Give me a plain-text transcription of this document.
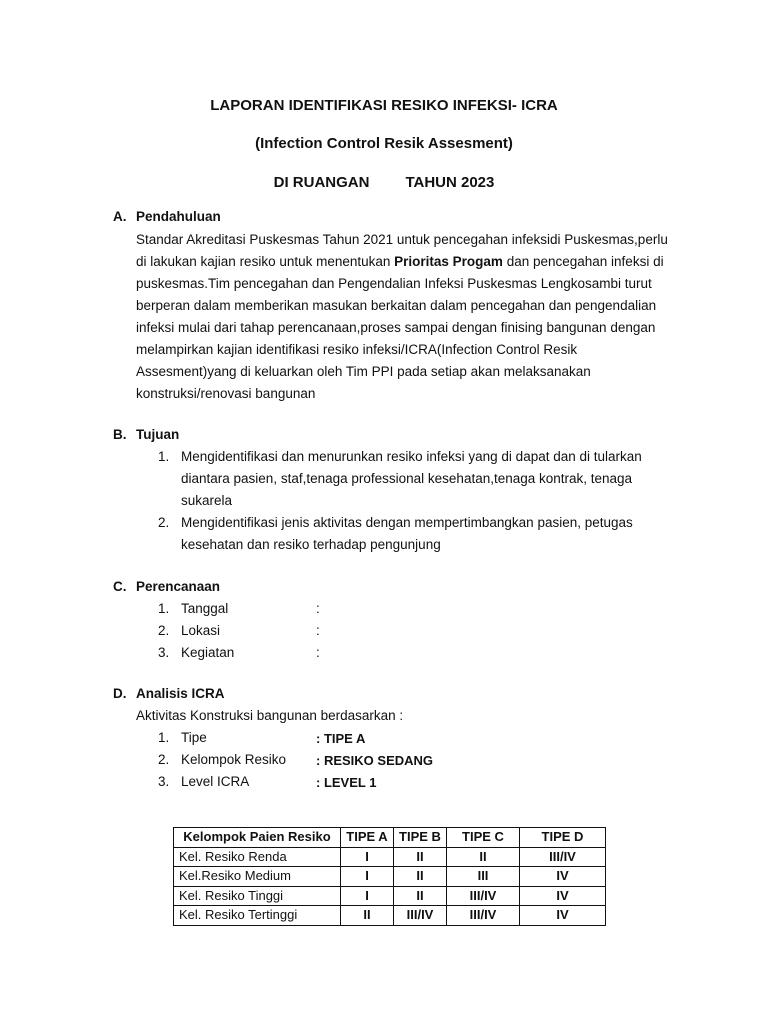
LAPORAN IDENTIFIKASI RESIKO INFEKSI- ICRA
(Infection Control Resik Assesment)
DI RUANGAN TAHUN 2023
A. Pendahuluan
Standar Akreditasi Puskesmas Tahun 2021 untuk pencegahan infeksidi Puskesmas,perlu di lakukan kajian resiko untuk menentukan Prioritas Progam dan pencegahan infeksi di puskesmas.Tim pencegahan dan Pengendalian Infeksi Puskesmas Lengkosambi turut berperan dalam memberikan masukan berkaitan dalam pencegahan dan pengendalian infeksi mulai dari tahap perencanaan,proses sampai dengan finising bangunan dengan melampirkan kajian identifikasi resiko infeksi/ICRA(Infection Control Resik Assesment)yang di keluarkan oleh Tim PPI pada setiap akan melaksanakan konstruksi/renovasi bangunan
B. Tujuan
1. Mengidentifikasi dan menurunkan resiko infeksi yang di dapat dan di tularkan diantara pasien, staf,tenaga professional kesehatan,tenaga kontrak, tenaga sukarela
2. Mengidentifikasi jenis aktivitas dengan mempertimbangkan pasien, petugas kesehatan dan resiko terhadap pengunjung
C. Perencanaan
1. Tanggal	:
2. Lokasi	:
3. Kegiatan	:
D. Analisis ICRA
Aktivitas Konstruksi bangunan berdasarkan :
1. Tipe	: TIPE A
2. Kelompok Resiko : RESIKO SEDANG
3. Level ICRA	: LEVEL 1
Kelompok Paien Resiko	TIPE A	TIPE B	TIPE C	TIPE D
Kel. Resiko Renda	I	II	II	III/IV
Kel.Resiko Medium	I	II	III	IV
Kel. Resiko Tinggi	I	II	III/IV	IV
Kel. Resiko Tertinggi	II	III/IV	III/IV	IV
